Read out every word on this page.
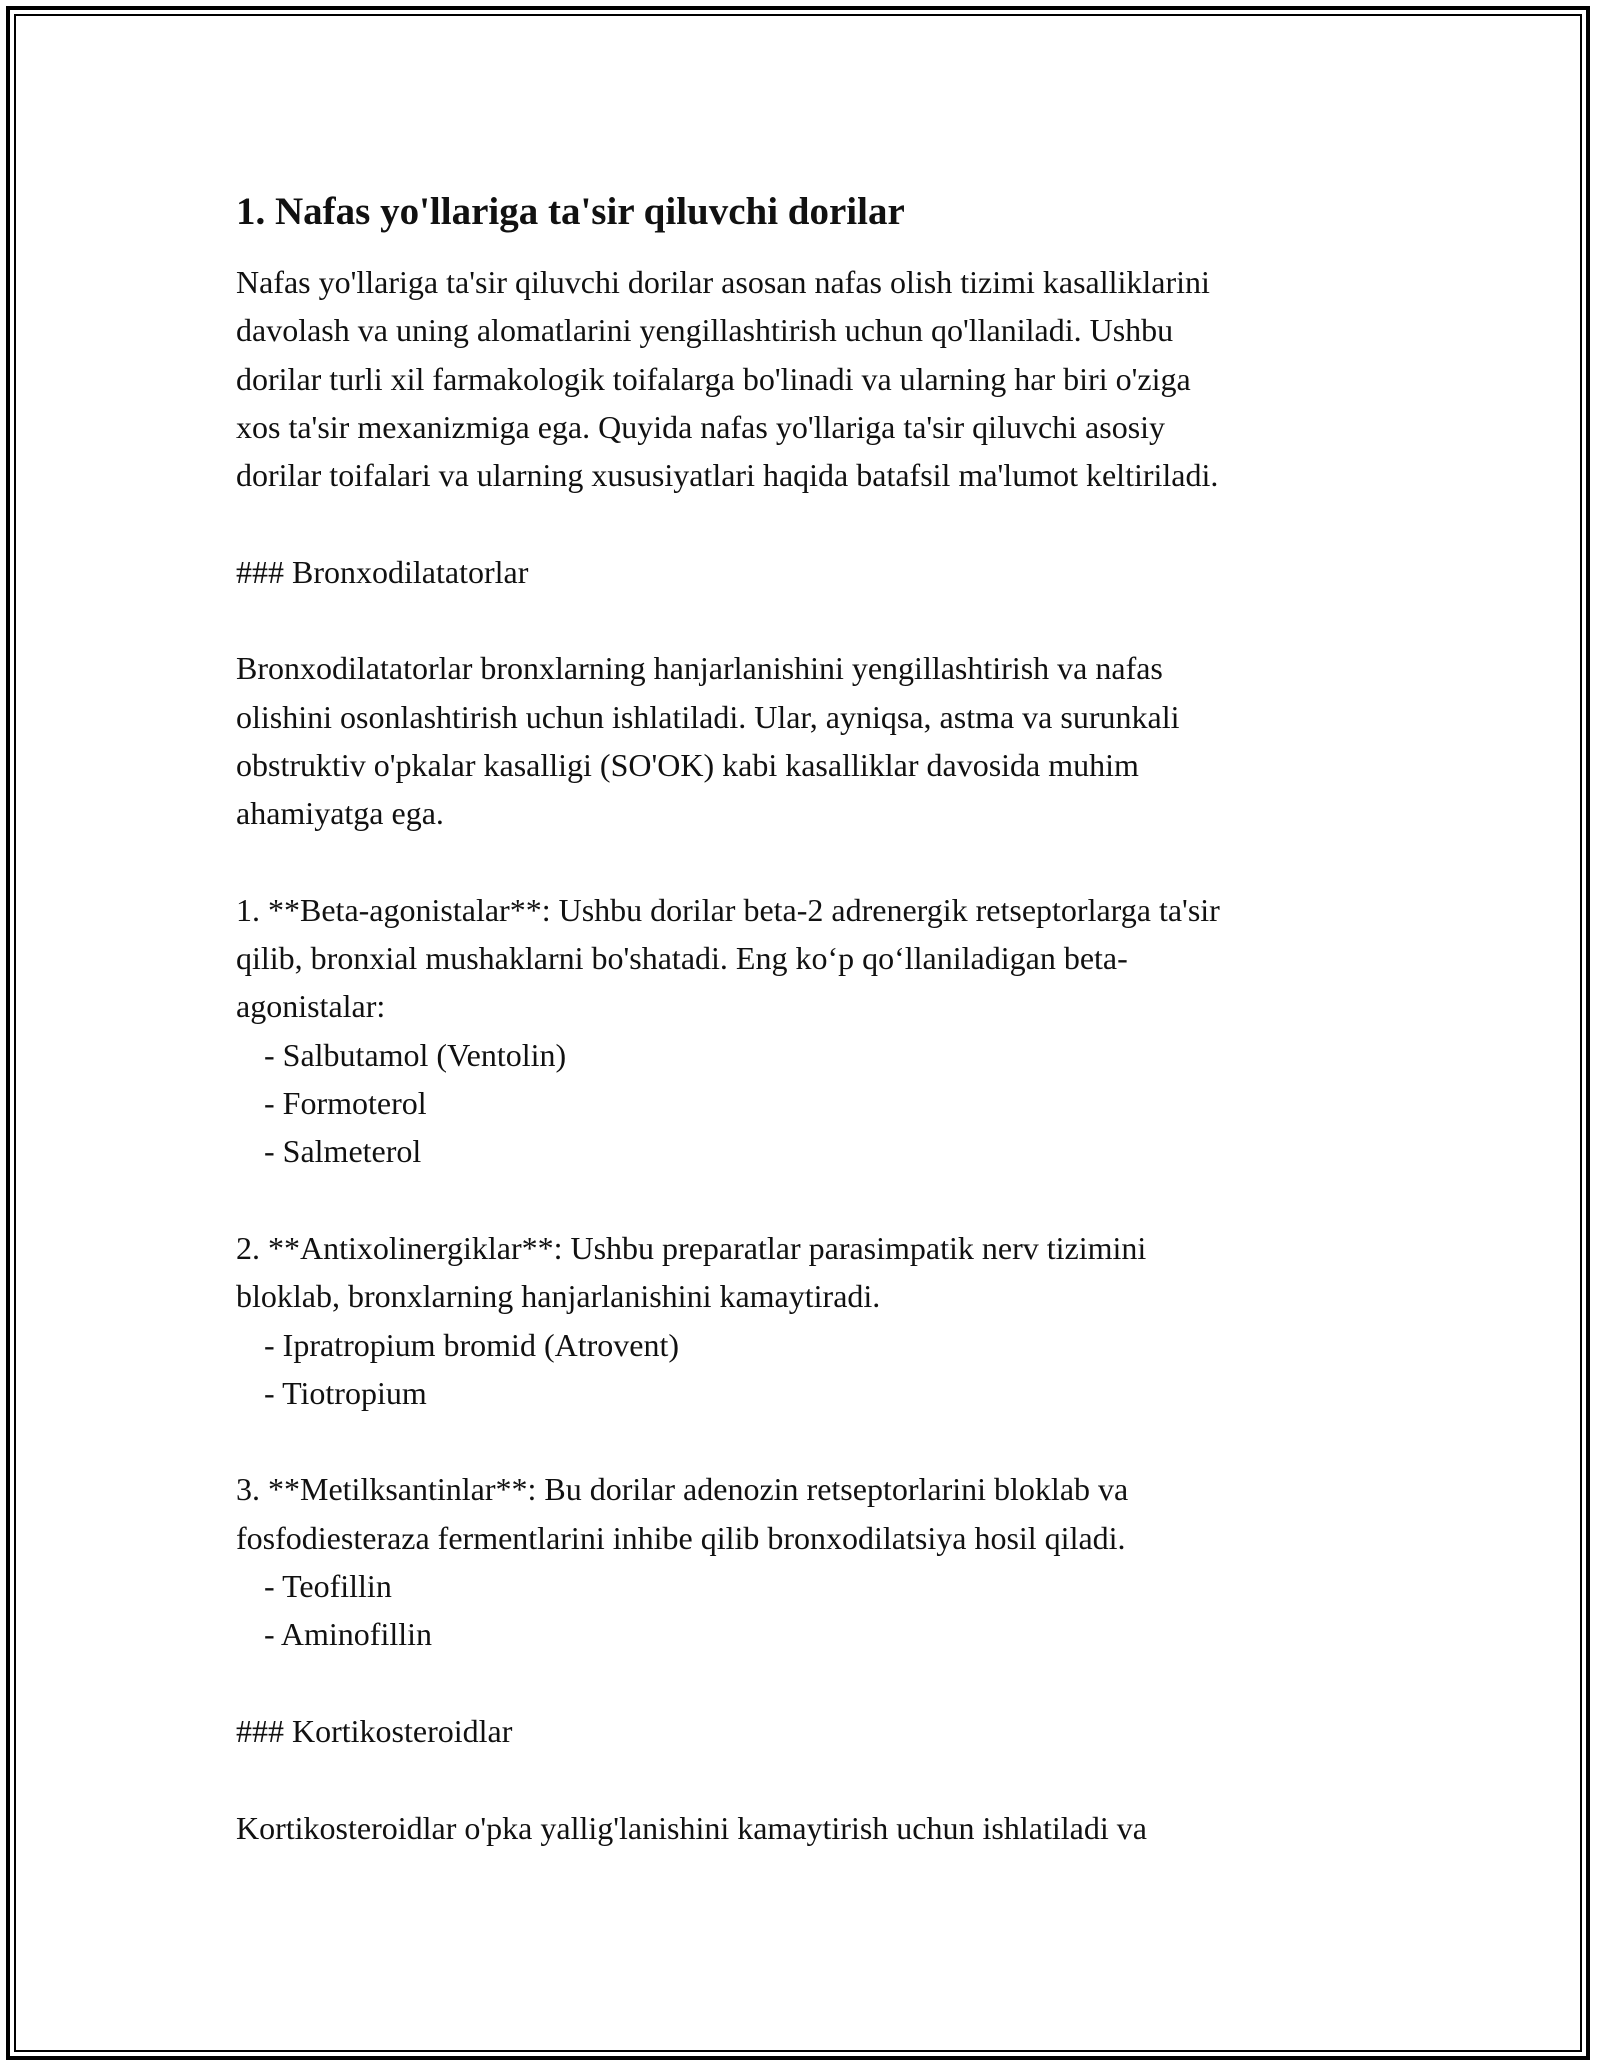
1. Nafas yo'llariga ta'sir qiluvchi dorilar

Nafas yo'llariga ta'sir qiluvchi dorilar asosan nafas olish tizimi kasalliklarini

davolash va uning alomatlarini yengillashtirish uchun qo'llaniladi. Ushbu

dorilar turli xil farmakologik toifalarga bo'linadi va ularning har biri o'ziga

xos ta'sir mexanizmiga ega. Quyida nafas yo'llariga ta'sir qiluvchi asosiy

dorilar toifalari va ularning xususiyatlari haqida batafsil ma'lumot keltiriladi.

### Bronxodilatatorlar

Bronxodilatatorlar bronxlarning hanjarlanishini yengillashtirish va nafas

olishini osonlashtirish uchun ishlatiladi. Ular, ayniqsa, astma va surunkali

obstruktiv o'pkalar kasalligi (SO'OK) kabi kasalliklar davosida muhim

ahamiyatga ega.

1. **Beta-agonistalar**: Ushbu dorilar beta-2 adrenergik retseptorlarga ta'sir

qilib, bronxial mushaklarni bo'shatadi. Eng ko‘p qo‘llaniladigan beta-

agonistalar:

- Salbutamol (Ventolin)

- Formoterol

- Salmeterol

2. **Antixolinergiklar**: Ushbu preparatlar parasimpatik nerv tizimini

bloklab, bronxlarning hanjarlanishini kamaytiradi.

- Ipratropium bromid (Atrovent)

- Tiotropium

3. **Metilksantinlar**: Bu dorilar adenozin retseptorlarini bloklab va

fosfodiesteraza fermentlarini inhibe qilib bronxodilatsiya hosil qiladi.

- Teofillin

- Aminofillin

### Kortikosteroidlar

Kortikosteroidlar o'pka yallig'lanishini kamaytirish uchun ishlatiladi va
